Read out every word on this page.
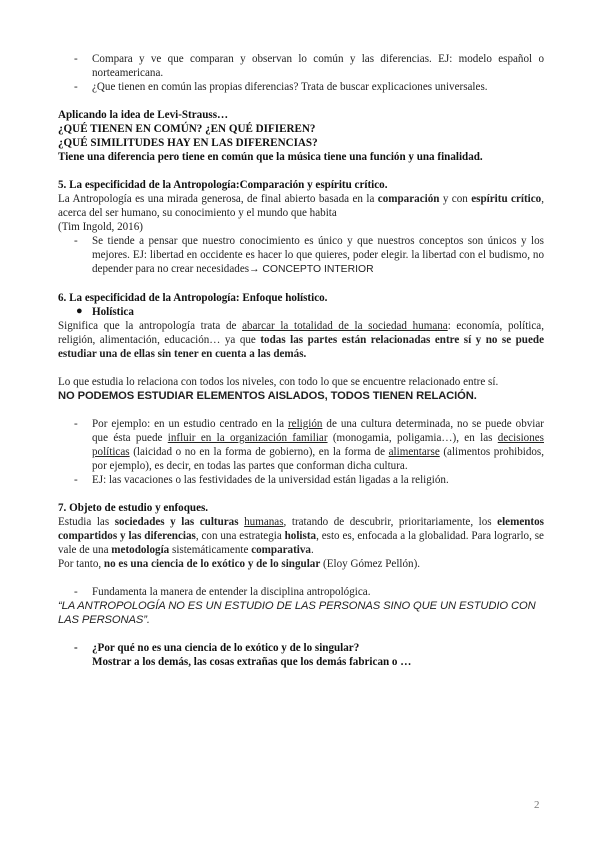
- Compara y ve que comparan y observan lo común y las diferencias. EJ: modelo español o norteamericana.
- ¿Que tienen en común las propias diferencias? Trata de buscar explicaciones universales.

Aplicando la idea de Levi-Strauss…

¿QUÉ TIENEN EN COMÚN? ¿EN QUÉ DIFIEREN?

¿QUÉ SIMILITUDES HAY EN LAS DIFERENCIAS?

Tiene una diferencia pero tiene en común que la música tiene una función y una finalidad.

5. La especificidad de la Antropología:Comparación y espíritu crítico.

La Antropología es una mirada generosa, de final abierto basada en la comparación y con espíritu crítico, acerca del ser humano, su conocimiento y el mundo que habita

(Tim Ingold, 2016)

- Se tiende a pensar que nuestro conocimiento es único y que nuestros conceptos son únicos y los mejores. EJ: libertad en occidente es hacer lo que quieres, poder elegir. la libertad con el budismo, no depender para no crear necesidades→ CONCEPTO INTERIOR

6. La especificidad de la Antropología: Enfoque holístico.

● Holística

Significa que la antropología trata de abarcar la totalidad de la sociedad humana: economía, política, religión, alimentación, educación… ya que todas las partes están relacionadas entre sí y no se puede estudiar una de ellas sin tener en cuenta a las demás.

Lo que estudia lo relaciona con todos los niveles, con todo lo que se encuentre relacionado entre sí.

NO PODEMOS ESTUDIAR ELEMENTOS AISLADOS, TODOS TIENEN RELACIÓN.

- Por ejemplo: en un estudio centrado en la religión de una cultura determinada, no se puede obviar que ésta puede influir en la organización familiar (monogamia, poligamia…), en las decisiones políticas (laicidad o no en la forma de gobierno), en la forma de alimentarse (alimentos prohibidos, por ejemplo), es decir, en todas las partes que conforman dicha cultura.
- EJ: las vacaciones o las festividades de la universidad están ligadas a la religión.

7. Objeto de estudio y enfoques.

Estudia las sociedades y las culturas humanas, tratando de descubrir, prioritariamente, los elementos compartidos y las diferencias, con una estrategia holista, esto es, enfocada a la globalidad. Para lograrlo, se vale de una metodología sistemáticamente comparativa.

Por tanto, no es una ciencia de lo exótico y de lo singular (Eloy Gómez Pellón).

- Fundamenta la manera de entender la disciplina antropológica.

“LA ANTROPOLOGÍA NO ES UN ESTUDIO DE LAS PERSONAS SINO QUE UN ESTUDIO CON LAS PERSONAS”.

- ¿Por qué no es una ciencia de lo exótico y de lo singular?
Mostrar a los demás, las cosas extrañas que los demás fabrican o …
2
